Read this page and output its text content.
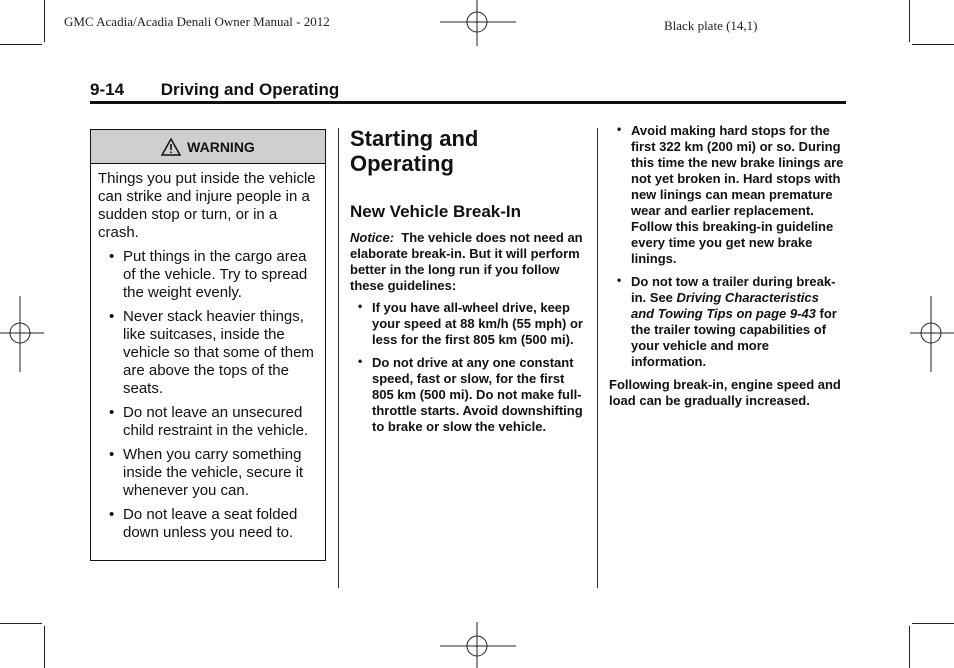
GMC Acadia/Acadia Denali Owner Manual - 2012	Black plate (14,1)
9-14 Driving and Operating
WARNING

Things you put inside the vehicle can strike and injure people in a sudden stop or turn, or in a crash.

• Put things in the cargo area of the vehicle. Try to spread the weight evenly.
• Never stack heavier things, like suitcases, inside the vehicle so that some of them are above the tops of the seats.
• Do not leave an unsecured child restraint in the vehicle.
• When you carry something inside the vehicle, secure it whenever you can.
• Do not leave a seat folded down unless you need to.
Starting and
Operating
New Vehicle Break-In

Notice: The vehicle does not need an elaborate break-in. But it will perform better in the long run if you follow these guidelines:

• If you have all-wheel drive, keep your speed at 88 km/h (55 mph) or less for the first 805 km (500 mi).
• Do not drive at any one constant speed, fast or slow, for the first 805 km (500 mi). Do not make full-throttle starts. Avoid downshifting to brake or slow the vehicle.
• Avoid making hard stops for the first 322 km (200 mi) or so. During this time the new brake linings are not yet broken in. Hard stops with new linings can mean premature wear and earlier replacement. Follow this breaking-in guideline every time you get new brake linings.
• Do not tow a trailer during break-in. See Driving Characteristics and Towing Tips on page 9-43 for the trailer towing capabilities of your vehicle and more information.

Following break-in, engine speed and load can be gradually increased.
